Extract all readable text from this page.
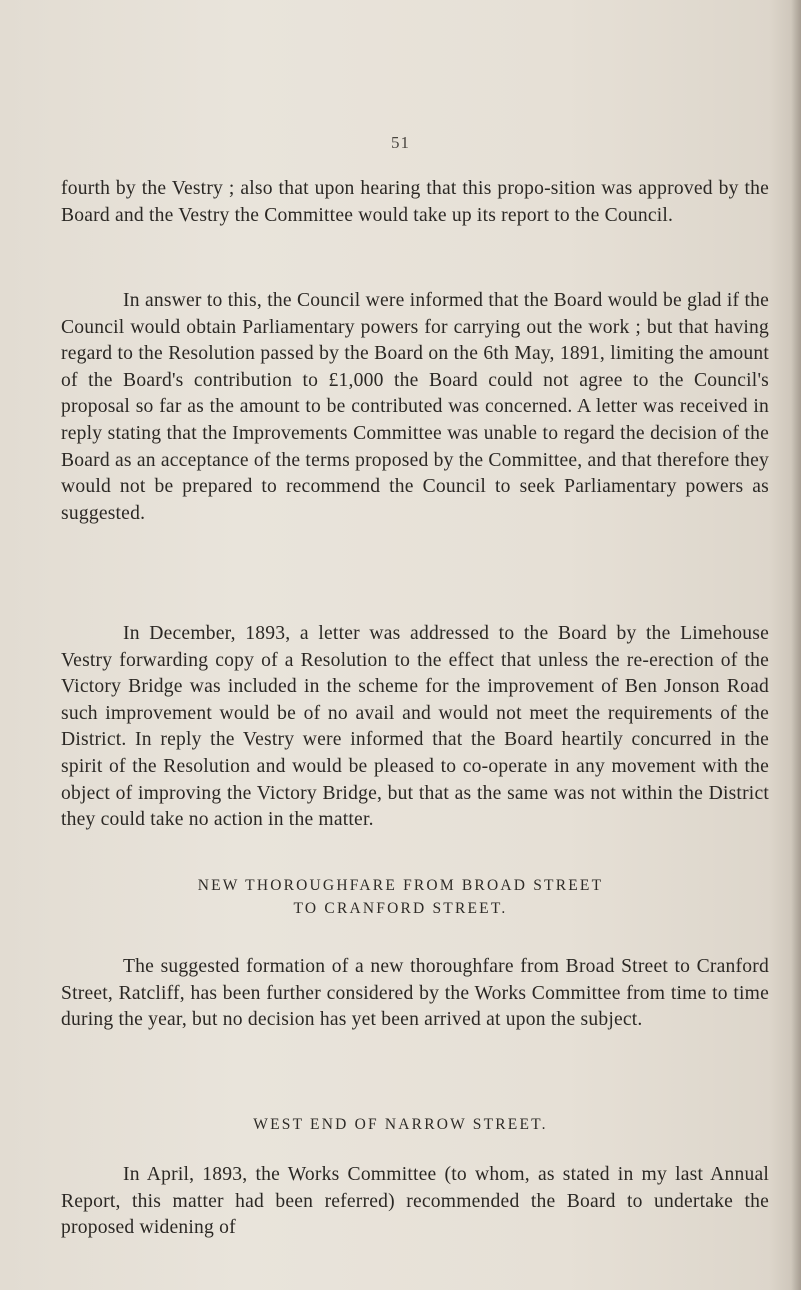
51

fourth by the Vestry ; also that upon hearing that this propo-sition was approved by the Board and the Vestry the Committee would take up its report to the Council.

In answer to this, the Council were informed that the Board would be glad if the Council would obtain Parliamentary powers for carrying out the work ; but that having regard to the Resolution passed by the Board on the 6th May, 1891, limiting the amount of the Board's contribution to £1,000 the Board could not agree to the Council's proposal so far as the amount to be contributed was concerned. A letter was received in reply stating that the Improvements Committee was unable to regard the decision of the Board as an acceptance of the terms proposed by the Committee, and that therefore they would not be prepared to recommend the Council to seek Parliamentary powers as suggested.

In December, 1893, a letter was addressed to the Board by the Limehouse Vestry forwarding copy of a Resolution to the effect that unless the re-erection of the Victory Bridge was included in the scheme for the improvement of Ben Jonson Road such improvement would be of no avail and would not meet the requirements of the District. In reply the Vestry were informed that the Board heartily concurred in the spirit of the Resolution and would be pleased to co-operate in any movement with the object of improving the Victory Bridge, but that as the same was not within the District they could take no action in the matter.

NEW THOROUGHFARE FROM BROAD STREET
TO CRANFORD STREET.

The suggested formation of a new thoroughfare from Broad Street to Cranford Street, Ratcliff, has been further considered by the Works Committee from time to time during the year, but no decision has yet been arrived at upon the subject.

WEST END OF NARROW STREET.

In April, 1893, the Works Committee (to whom, as stated in my last Annual Report, this matter had been referred) recommended the Board to undertake the proposed widening of
